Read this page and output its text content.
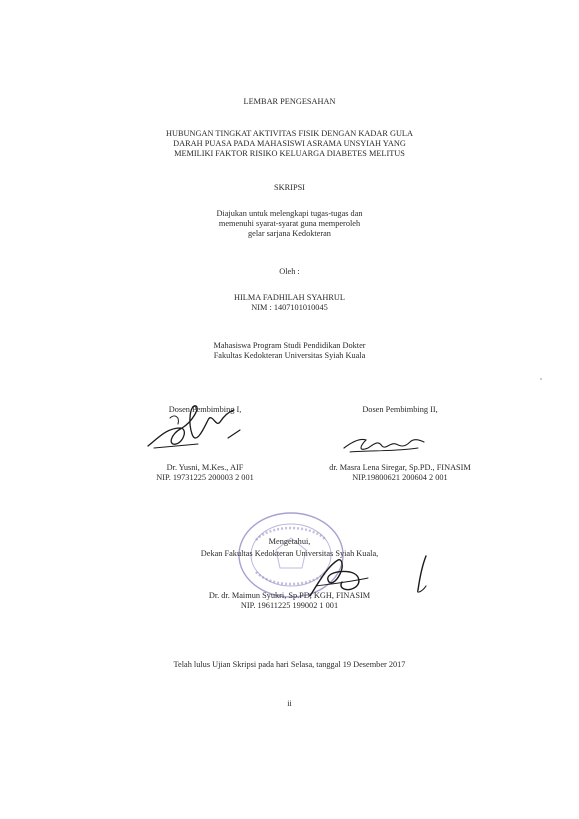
LEMBAR PENGESAHAN
HUBUNGAN TINGKAT AKTIVITAS FISIK DENGAN KADAR GULA
DARAH PUASA PADA MAHASISWI ASRAMA UNSYIAH YANG
MEMILIKI FAKTOR RISIKO KELUARGA DIABETES MELITUS
SKRIPSI
Diajukan untuk melengkapi tugas-tugas dan
memenuhi syarat-syarat guna memperoleh
gelar sarjana Kedokteran
Oleh :
HILMA FADHILAH SYAHRUL
NIM : 1407101010045
Mahasiswa Program Studi Pendidikan Dokter
Fakultas Kedokteran Universitas Syiah Kuala
Dosen Pembimbing I,
Dr. Yusni, M.Kes., AIF
NIP. 19731225 200003 2 001
Dosen Pembimbing II,
dr. Masra Lena Siregar, Sp.PD., FINASIM
NIP.19800621 200604 2 001
Mengetahui,
Dekan Fakultas Kedokteran Universitas Syiah Kuala,
Dr. dr. Maimun Syukri, Sp.PD, KGH, FINASIM
NIP. 19611225 199002 1 001
Telah lulus Ujian Skripsi pada hari Selasa, tanggal 19 Desember 2017
ii
